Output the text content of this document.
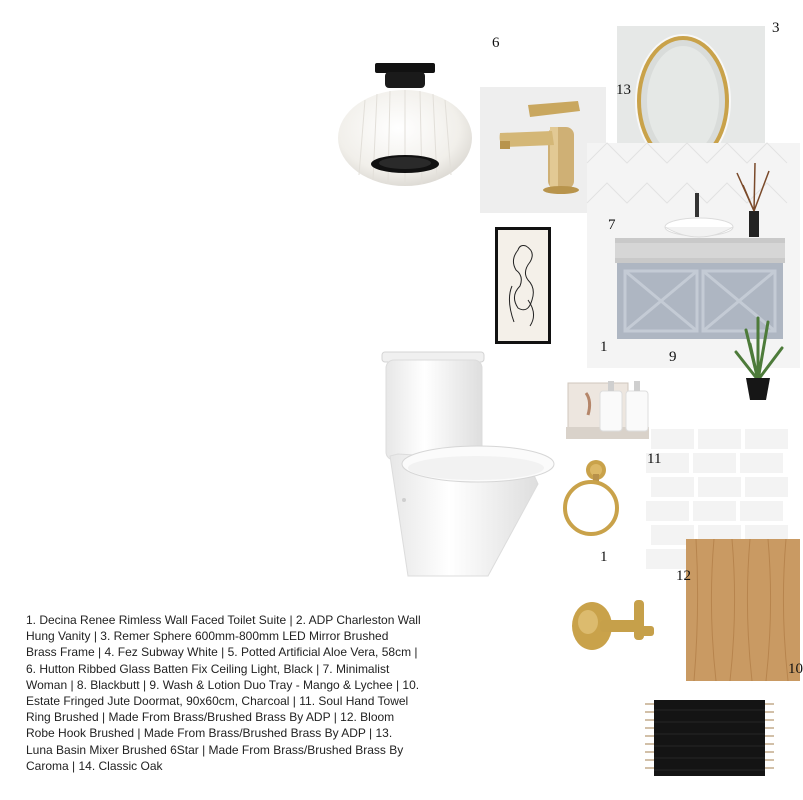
6
3
13
7
1
9
11
1
12
10
1. Decina Renee Rimless Wall Faced Toilet Suite | 2. ADP Charleston Wall Hung Vanity | 3. Remer Sphere 600mm-800mm LED Mirror Brushed Brass Frame | 4. Fez Subway White | 5. Potted Artificial Aloe Vera, 58cm | 6. Hutton Ribbed Glass Batten Fix Ceiling Light, Black | 7. Minimalist Woman | 8. Blackbutt | 9. Wash & Lotion Duo Tray - Mango & Lychee | 10. Estate Fringed Jute Doormat, 90x60cm, Charcoal | 11. Soul Hand Towel Ring Brushed | Made From Brass/Brushed Brass By ADP | 12. Bloom Robe Hook Brushed | Made From Brass/Brushed Brass By ADP | 13. Luna Basin Mixer Brushed 6Star | Made From Brass/Brushed Brass By Caroma | 14. Classic Oak
